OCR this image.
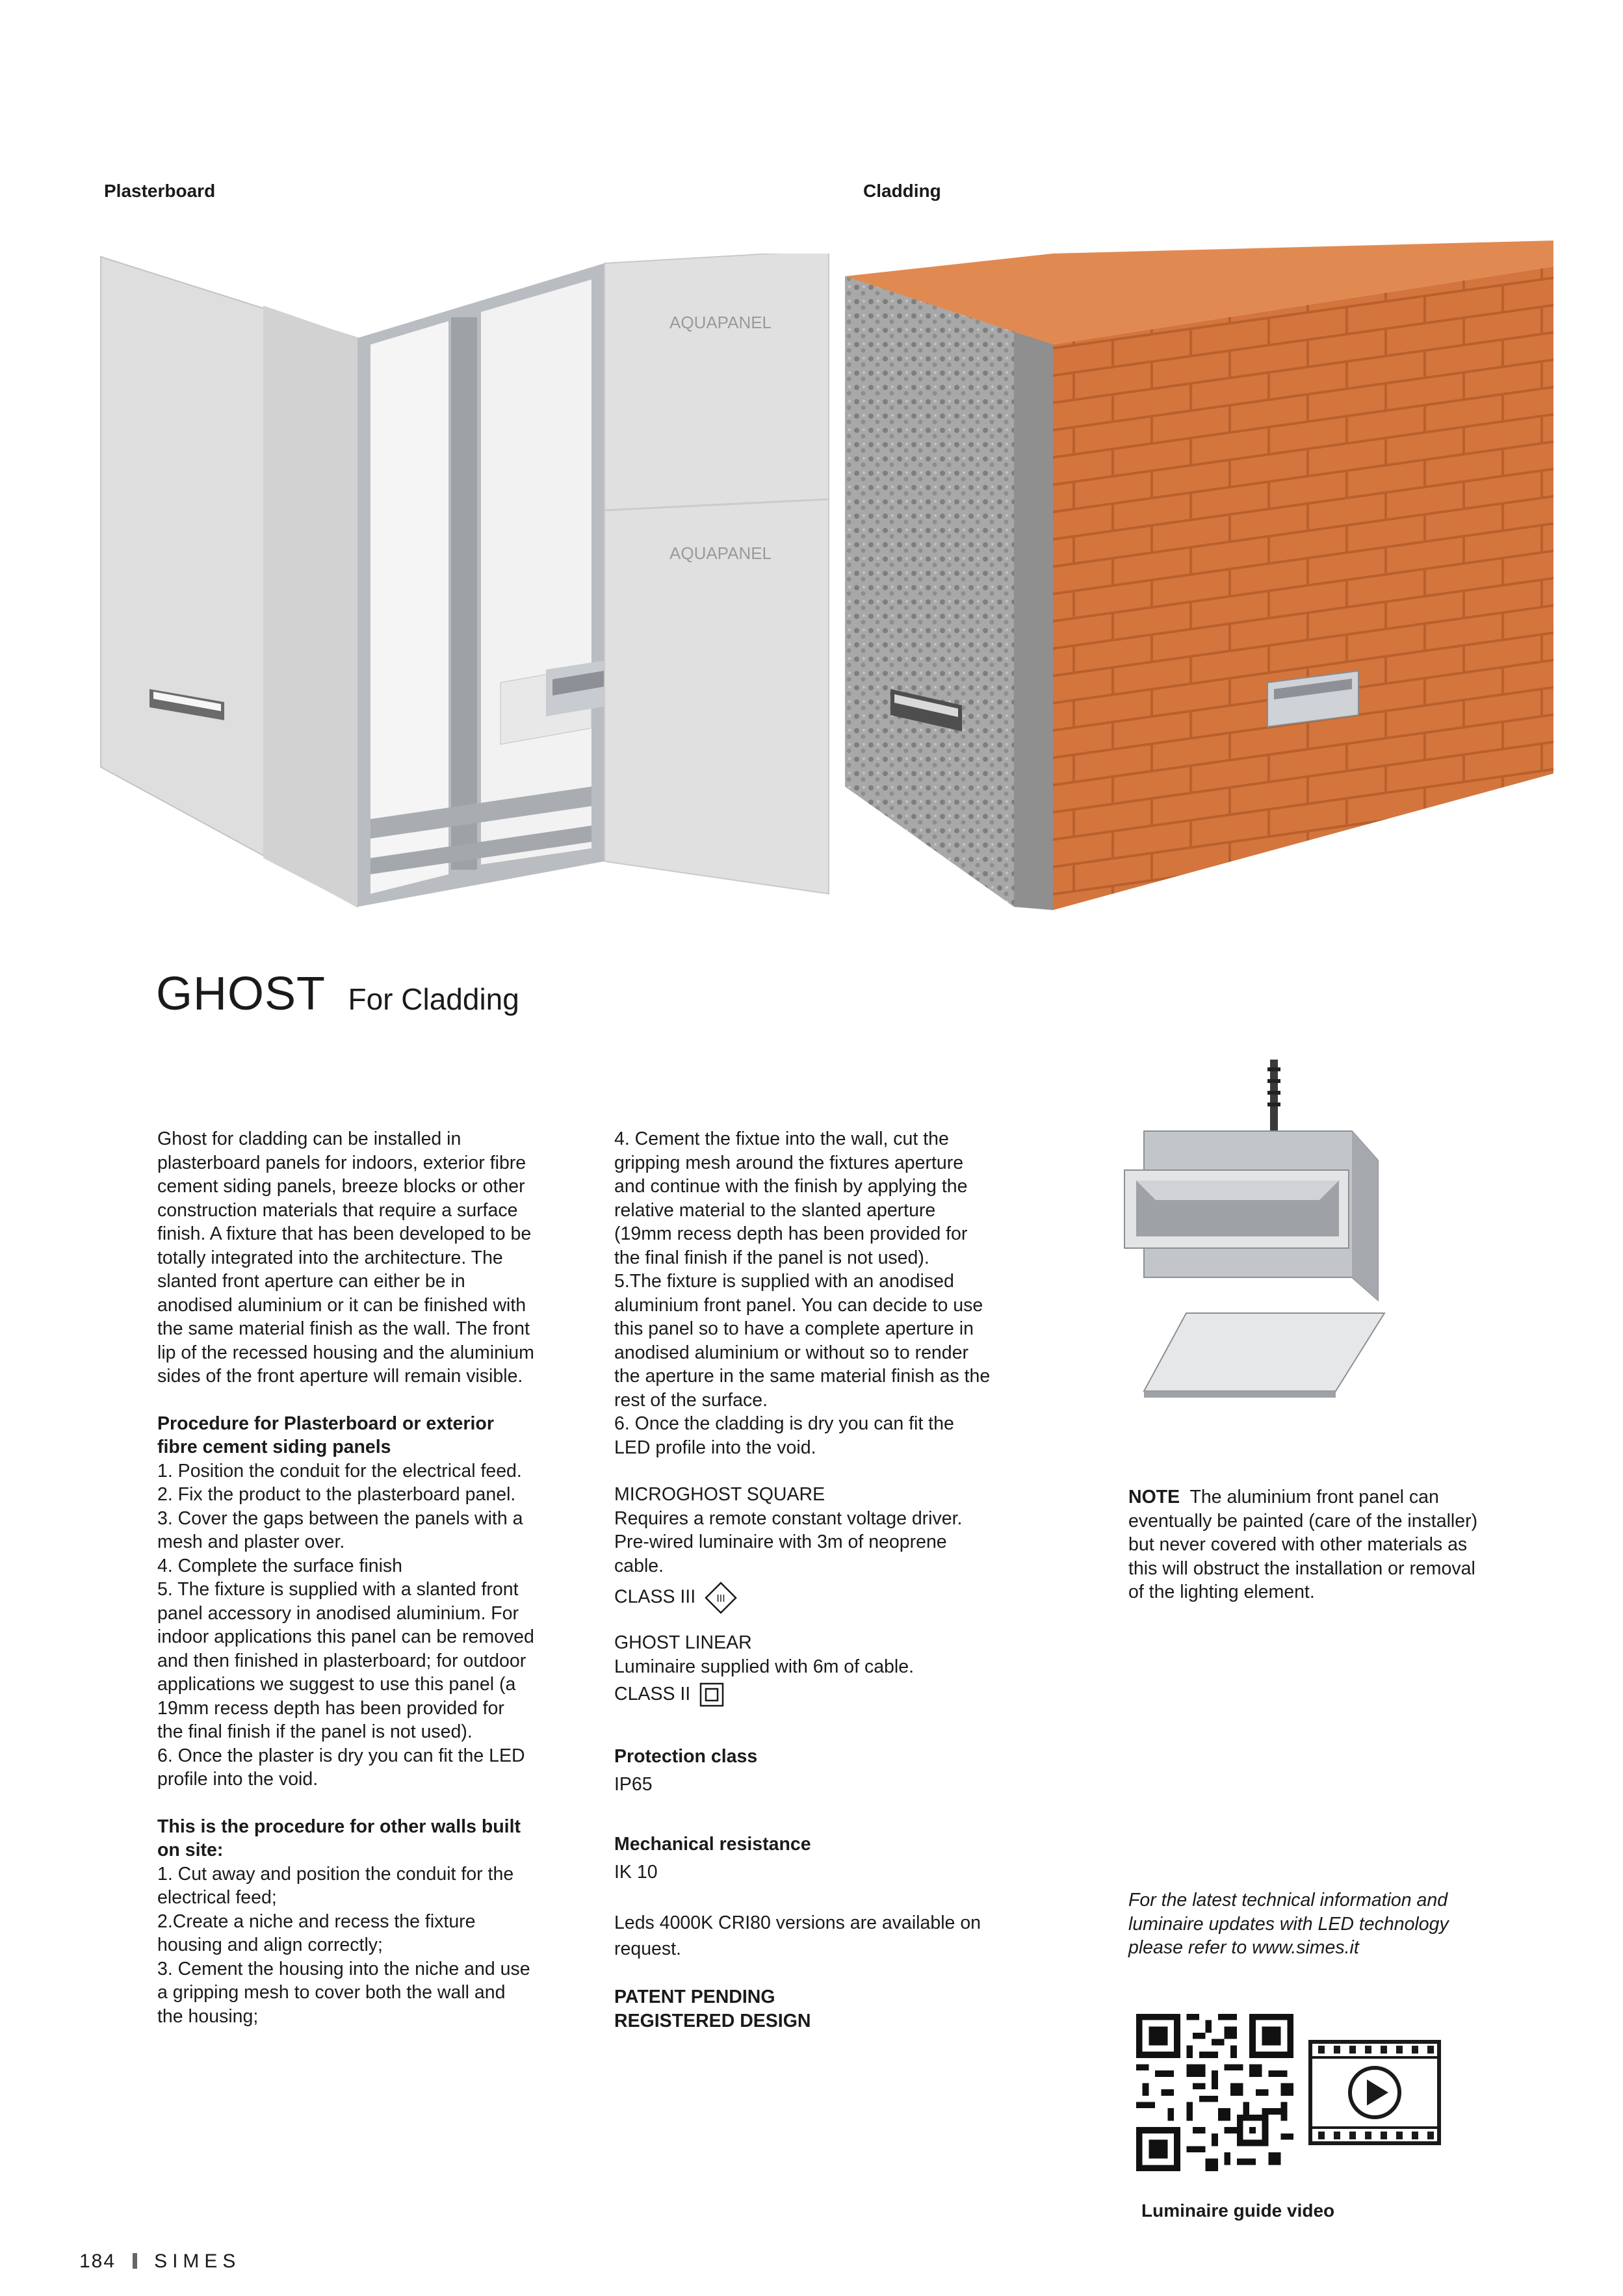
Plasterboard	Cladding
AQUAPANEL
AQUAPANEL
GHOST For Cladding

Ghost for cladding can be installed in plasterboard panels for indoors, exterior fibre cement siding panels, breeze blocks or other construction materials that require a surface finish. A fixture that has been developed to be totally integrated into the architecture. The slanted front aperture can either be in anodised aluminium or it can be finished with the same material finish as the wall. The front lip of the recessed housing and the aluminium sides of the front aperture will remain visible.

Procedure for Plasterboard or exterior fibre cement siding panels

1. Position the conduit for the electrical feed.

2. Fix the product to the plasterboard panel.

3. Cover the gaps between the panels with a mesh and plaster over.

4. Complete the surface finish

5. The fixture is supplied with a slanted front panel accessory in anodised aluminium. For indoor applications this panel can be removed and then finished in plasterboard; for outdoor applications we suggest to use this panel (a 19mm recess depth has been provided for the final finish if the panel is not used).

6. Once the plaster is dry you can fit the LED profile into the void.

This is the procedure for other walls built on site:

1. Cut away and position the conduit for the electrical feed;

2.Create a niche and recess the fixture housing and align correctly;

3. Cement the housing into the niche and use a gripping mesh to cover both the wall and the housing;

4. Cement the fixtue into the wall, cut the gripping mesh around the fixtures aperture and continue with the finish by applying the relative material to the slanted aperture (19mm recess depth has been provided for the final finish if the panel is not used).

5.The fixture is supplied with an anodised aluminium front panel. You can decide to use this panel so to have a complete aperture in anodised aluminium or without so to render the aperture in the same material finish as the rest of the surface.

6. Once the cladding is dry you can fit the LED profile into the void.

MICROGHOST SQUARE

Requires a remote constant voltage driver.

Pre-wired luminaire with 3m of neoprene cable.

CLASS III III

GHOST LINEAR

Luminaire supplied with 6m of cable.

CLASS II

Protection class

IP65

Mechanical resistance

IK 10

Leds 4000K CRI80 versions are available on request.

PATENT PENDING

REGISTERED DESIGN

NOTE The aluminium front panel can eventually be painted (care of the installer) but never covered with other materials as this will obstruct the installation or removal of the lighting element.

For the latest technical information and luminaire updates with LED technology please refer to www.simes.it
Luminaire guide video
184 SIMES
